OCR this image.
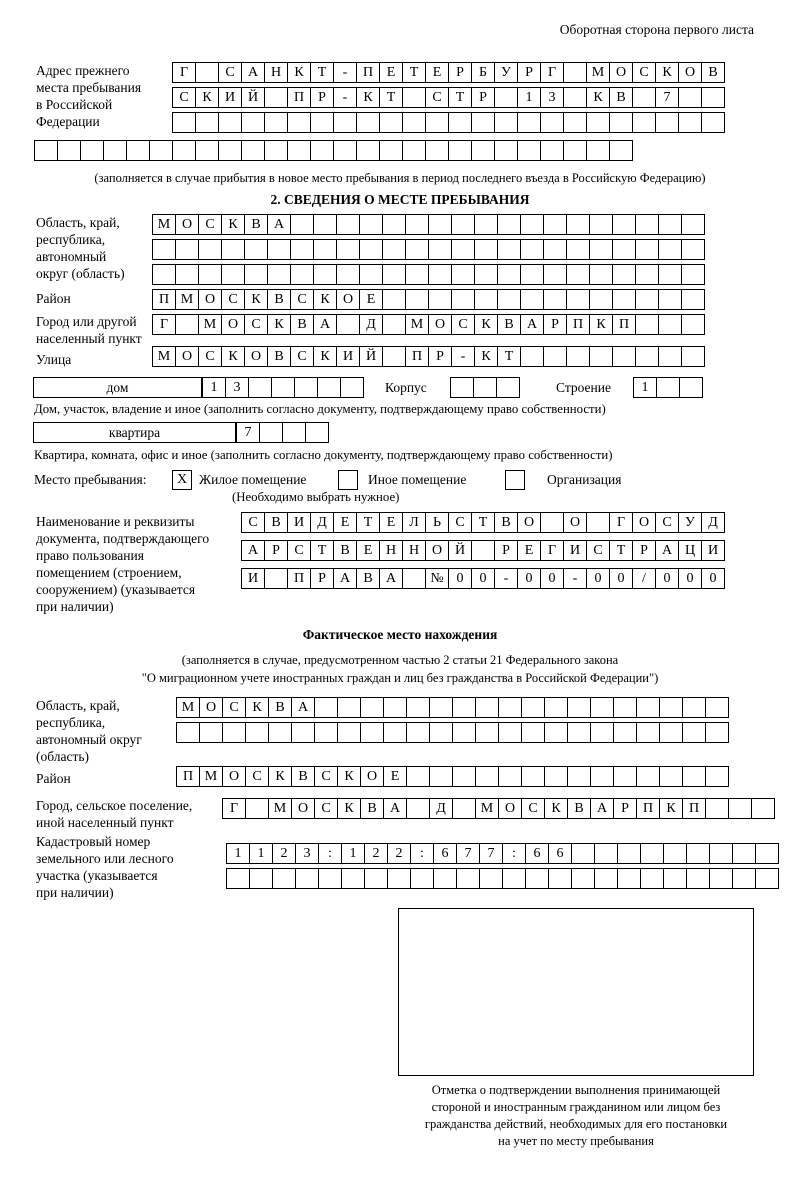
Оборотная сторона первого листа
Адрес прежнего
места пребывания
в Российской
Федерации
Г	С А Н К	Т	-	П Е	Т	Е	Р	Б	У	Р	Г	М О С К О В
С К И Й	П	Р	-	К	Т	С	Т	Р	1	3	К В	7
(заполняется в случае прибытия в новое место пребывания в период последнего въезда в Российскую Федерацию)
2. СВЕДЕНИЯ О МЕСТЕ ПРЕБЫВАНИЯ
Область, край,
республика,
автономный
округ (область)
М О С К В А
Район	П М О С К В С К О Е
Город или другой
населенный пункт
Г	М О С К В А	Д	М О С К В А	Р	П К П
Улица	М О С К О В С К И Й	П	Р	-	К	Т
дом	1	3	Корпус	Строение	1
Дом, участок, владение и иное (заполнить согласно документу, подтверждающему право собственности)
квартира	7
Квартира, комната, офис и иное (заполнить согласно документу, подтверждающему право собственности)
Место пребывания:	Х Жилое помещение	Иное помещение	Организация
(Необходимо выбрать нужное)
Наименование и реквизиты
документа, подтверждающего
право пользования
помещением (строением,
сооружением) (указывается
при наличии)
С В И Д Е	Т	Е Л	Ь	С	Т	В О	О	Г О С У Д
А	Р	С	Т	В	Е Н Н О Й	Р	Е	Г И С	Т	Р	А Ц И
И	П	Р	А В А	№ 0	0	-	0	0	-	0	0	/	0	0	0
Фактическое место нахождения
(заполняется в случае, предусмотренном частью 2 статьи 21 Федерального закона
"О миграционном учете иностранных граждан и лиц без гражданства в Российской Федерации")
Область, край,
республика,
автономный округ
(область)
М О С К В А
Район	П М О С К В С К О Е
Город, сельское поселение,
иной населенный пункт
Г	М О С К В А	Д	М О С К В А	Р	П К П
Кадастровый номер
земельного или лесного
участка (указывается
при наличии)
1	1	2	3	:	1	2	2	:	6	7	7	:	6	6
Отметка о подтверждении выполнения принимающей
стороной и иностранным гражданином или лицом без
гражданства действий, необходимых для его постановки
на учет по месту пребывания
